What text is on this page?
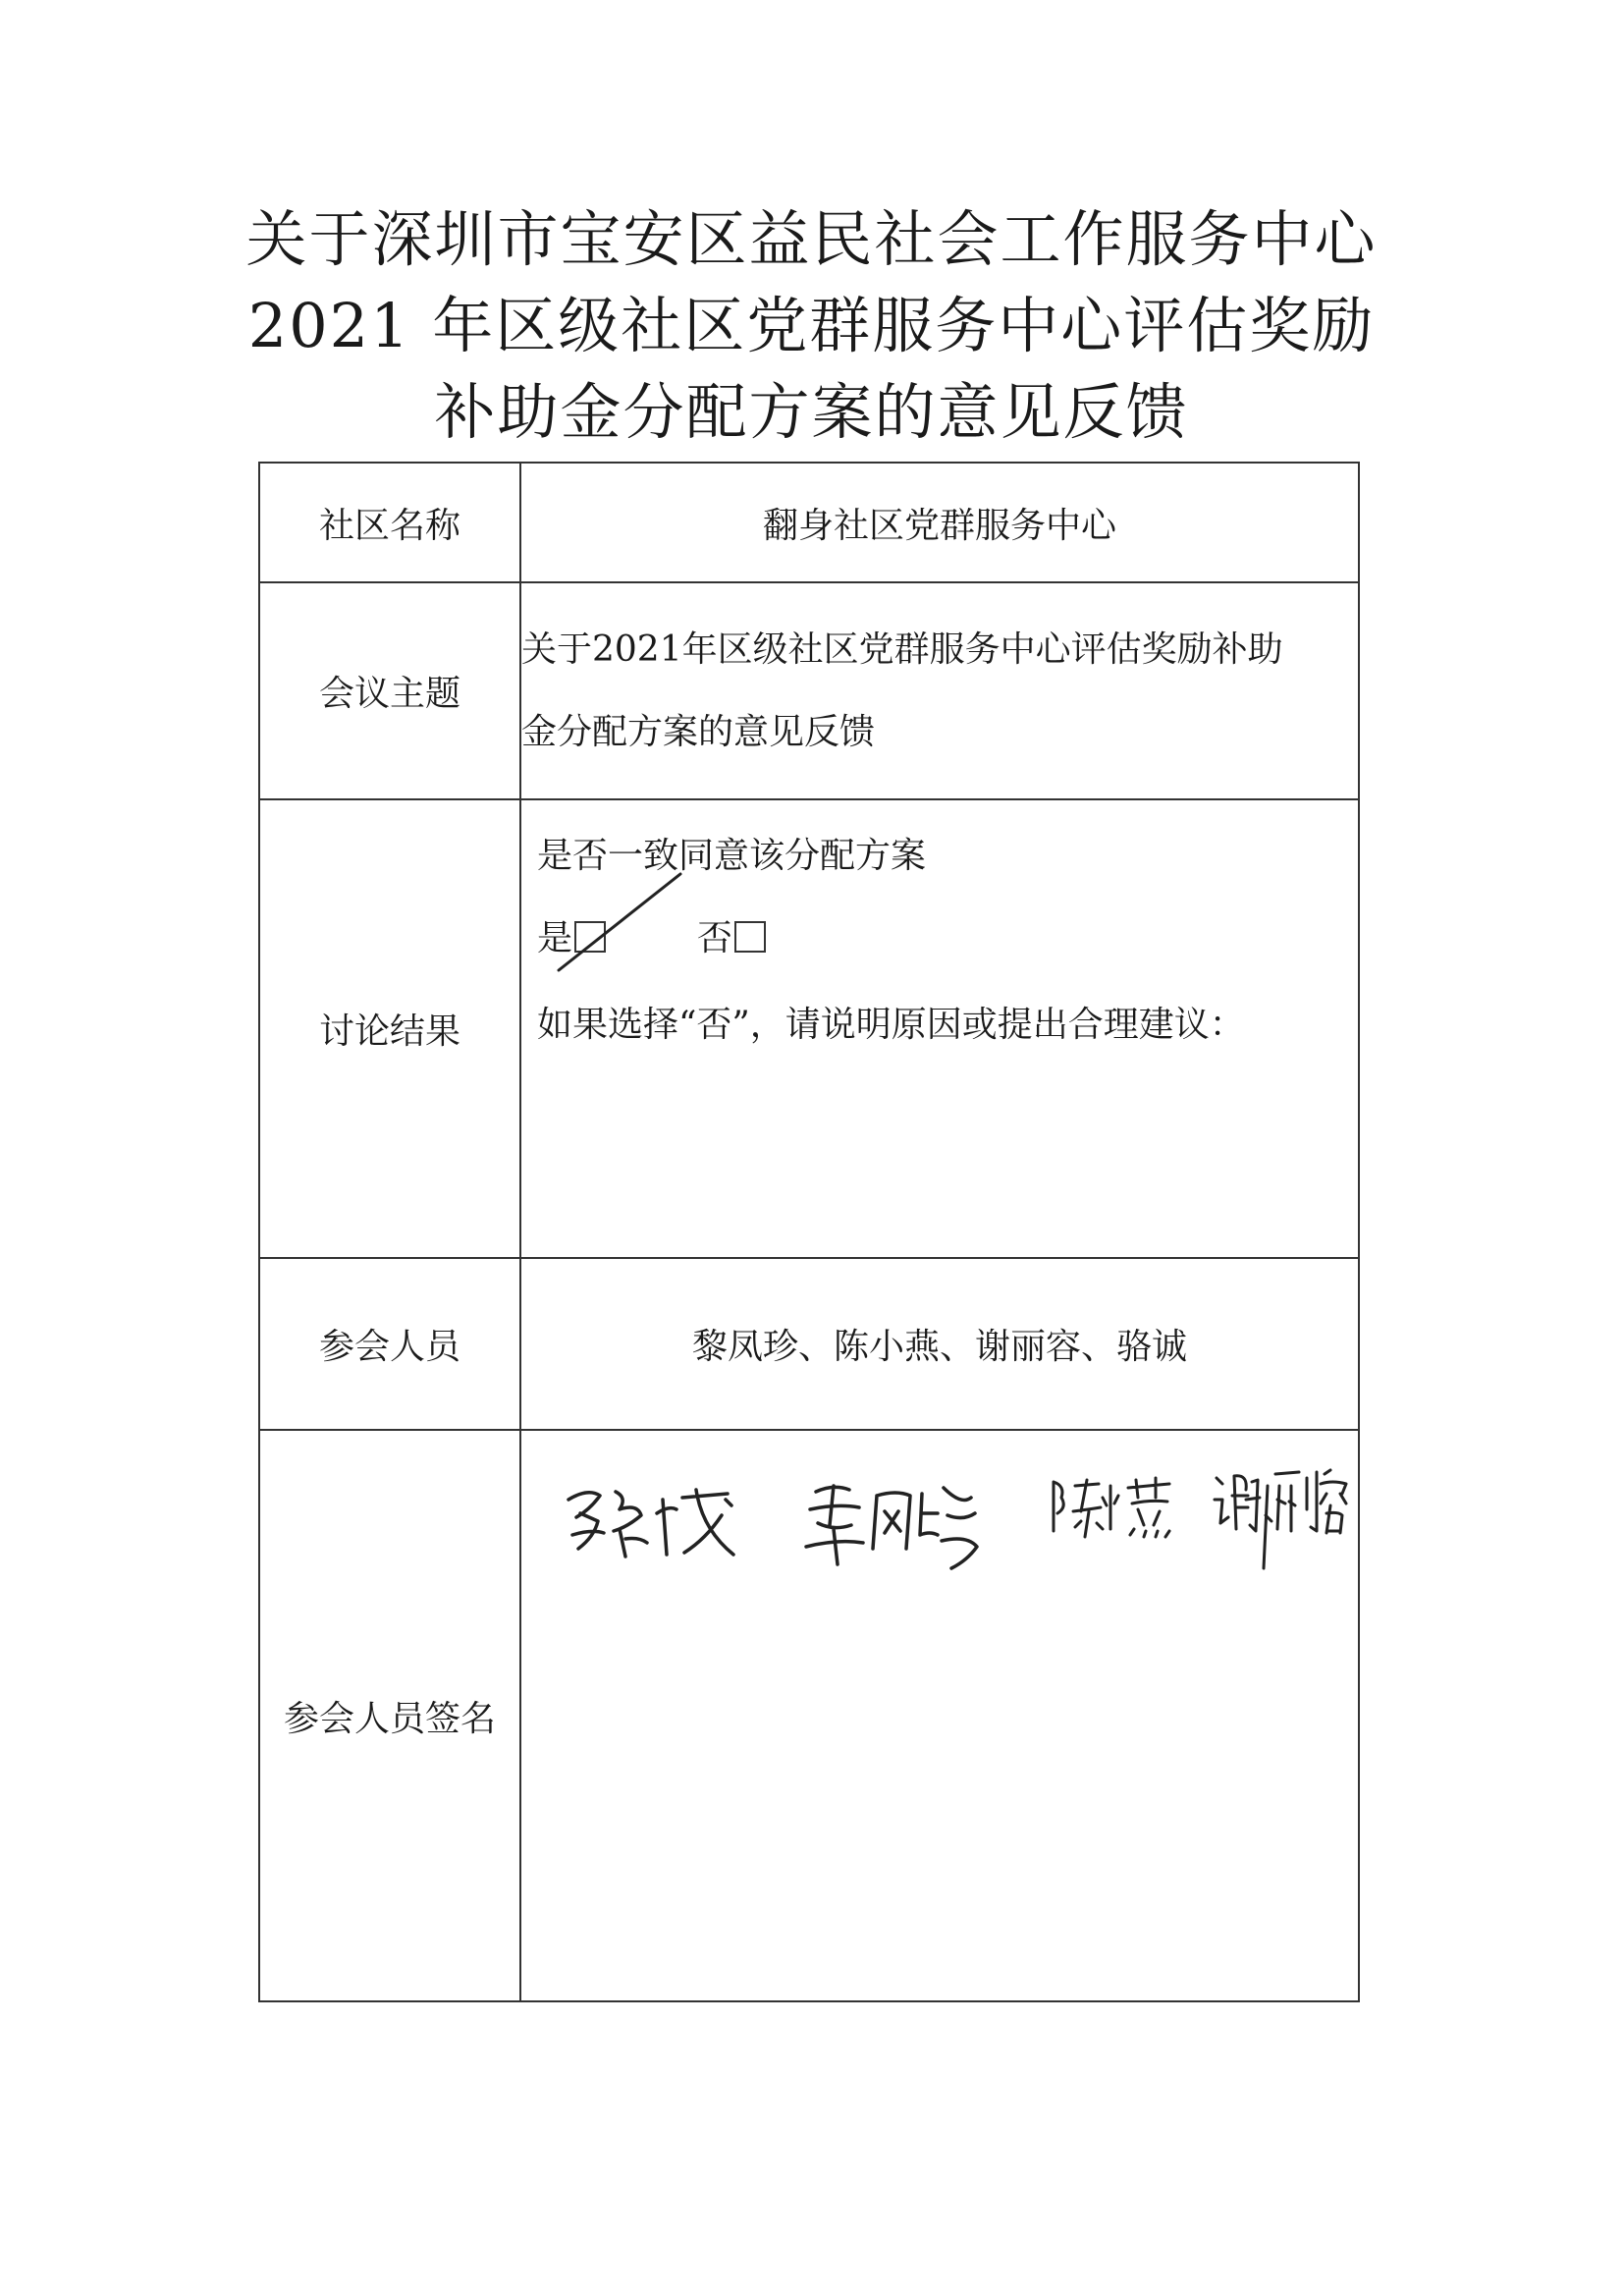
关于深圳市宝安区益民社会工作服务中心
2021 年区级社区党群服务中心评估奖励
补助金分配方案的意见反馈
社区名称	翻身社区党群服务中心
会议主题	关于2021年区级社区党群服务中心评估奖励补助
金分配方案的意见反馈

讨论结果	是否一致同意该分配方案
是 否
如果选择“否”，请说明原因或提出合理建议：

参会人员	黎凤珍、陈小燕、谢丽容、骆诚
参会人员签名	
